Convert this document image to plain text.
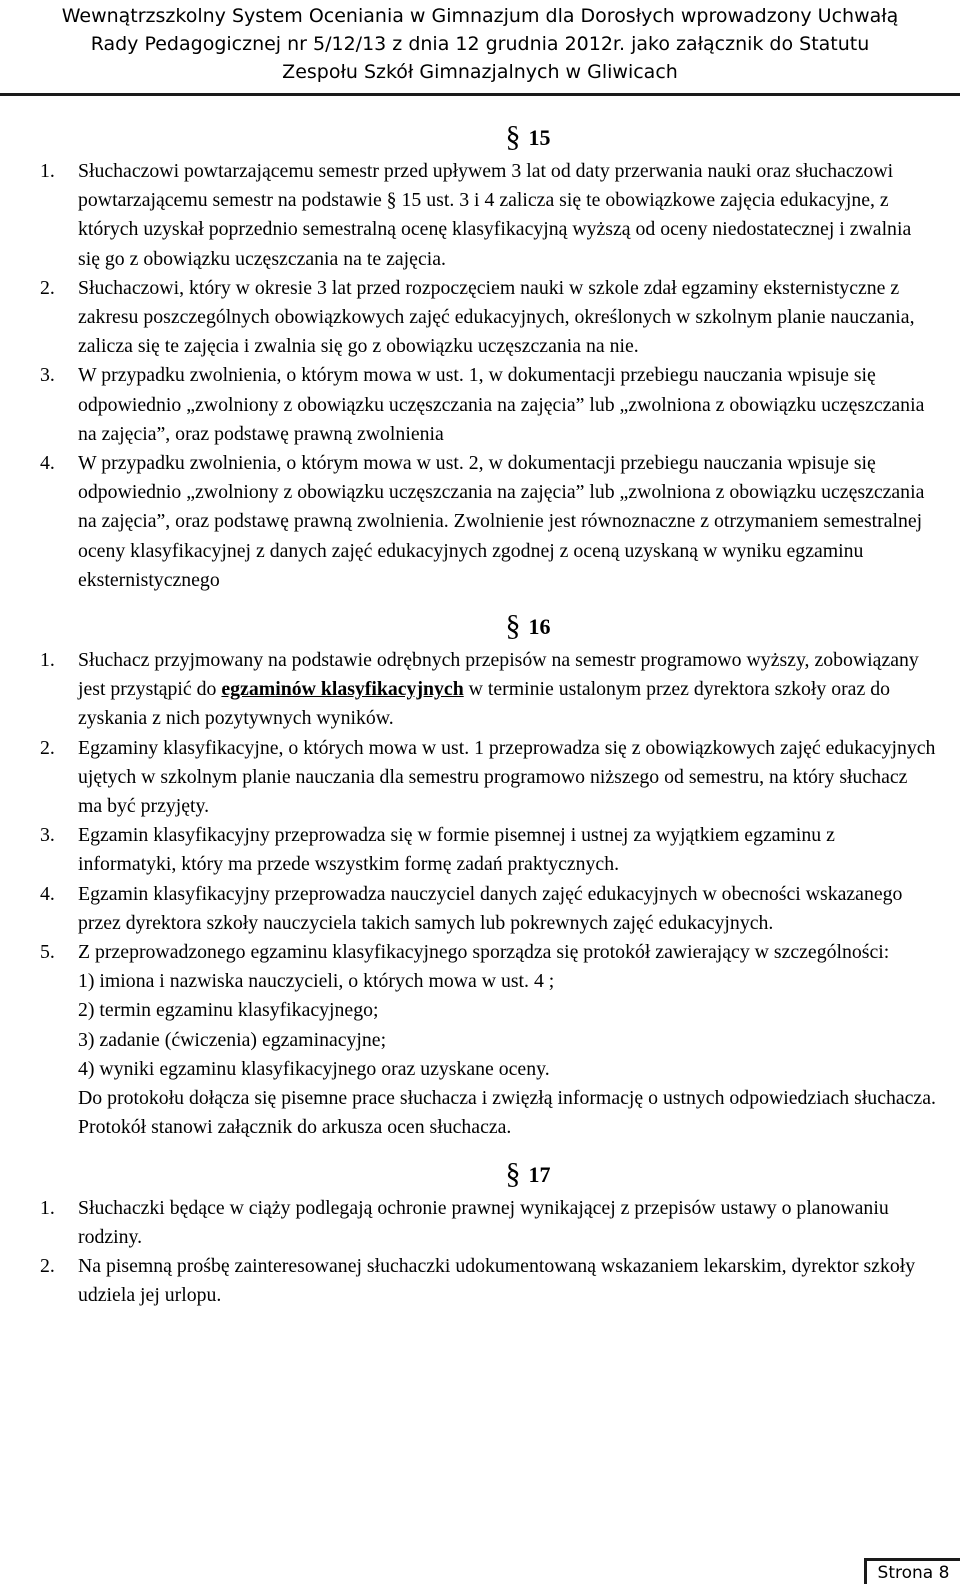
Wewnątrzszkolny System Oceniania w Gimnazjum dla Dorosłych wprowadzony Uchwałą
Rady Pedagogicznej nr 5/12/13 z dnia 12 grudnia 2012r. jako załącznik do Statutu
Zespołu Szkół Gimnazjalnych w Gliwicach
§ 15
1. Słuchaczowi powtarzającemu semestr przed upływem 3 lat od daty przerwania nauki oraz słuchaczowi powtarzającemu semestr na podstawie § 15 ust. 3 i 4 zalicza się te obowiązkowe zajęcia edukacyjne, z których uzyskał poprzednio semestralną ocenę klasyfikacyjną wyższą od oceny niedostatecznej i zwalnia się go z obowiązku uczęszczania na te zajęcia.

2. Słuchaczowi, który w okresie 3 lat przed rozpoczęciem nauki w szkole zdał egzaminy eksternistyczne z zakresu poszczególnych obowiązkowych zajęć edukacyjnych, określonych w szkolnym planie nauczania, zalicza się te zajęcia i zwalnia się go z obowiązku uczęszczania na nie.

3. W przypadku zwolnienia, o którym mowa w ust. 1, w dokumentacji przebiegu nauczania wpisuje się odpowiednio „zwolniony z obowiązku uczęszczania na zajęcia” lub „zwolniona z obowiązku uczęszczania na zajęcia”, oraz podstawę prawną zwolnienia

4. W przypadku zwolnienia, o którym mowa w ust. 2, w dokumentacji przebiegu nauczania wpisuje się odpowiednio „zwolniony z obowiązku uczęszczania na zajęcia” lub „zwolniona z obowiązku uczęszczania na zajęcia”, oraz podstawę prawną zwolnienia. Zwolnienie jest równoznaczne z otrzymaniem semestralnej oceny klasyfikacyjnej z danych zajęć edukacyjnych zgodnej z oceną uzyskaną w wyniku egzaminu eksternistycznego

§ 16
1. Słuchacz przyjmowany na podstawie odrębnych przepisów na semestr programowo wyższy, zobowiązany jest przystąpić do egzaminów klasyfikacyjnych w terminie ustalonym przez dyrektora szkoły oraz do zyskania z nich pozytywnych wyników.

2. Egzaminy klasyfikacyjne, o których mowa w ust. 1 przeprowadza się z obowiązkowych zajęć edukacyjnych ujętych w szkolnym planie nauczania dla semestru programowo niższego od semestru, na który słuchacz ma być przyjęty.

3. Egzamin klasyfikacyjny przeprowadza się w formie pisemnej i ustnej za wyjątkiem egzaminu z informatyki, który ma przede wszystkim formę zadań praktycznych.

4. Egzamin klasyfikacyjny przeprowadza nauczyciel danych zajęć edukacyjnych w obecności wskazanego przez dyrektora szkoły nauczyciela takich samych lub pokrewnych zajęć edukacyjnych.

5. Z przeprowadzonego egzaminu klasyfikacyjnego sporządza się protokół zawierający w szczególności:

1) imiona i nazwiska nauczycieli, o których mowa w ust. 4 ;

2) termin egzaminu klasyfikacyjnego;

3) zadanie (ćwiczenia) egzaminacyjne;

4) wyniki egzaminu klasyfikacyjnego oraz uzyskane oceny.

Do protokołu dołącza się pisemne prace słuchacza i zwięzłą informację o ustnych odpowiedziach słuchacza. Protokół stanowi załącznik do arkusza ocen słuchacza.

§ 17
1. Słuchaczki będące w ciąży podlegają ochronie prawnej wynikającej z przepisów ustawy o planowaniu rodziny.

2. Na pisemną prośbę zainteresowanej słuchaczki udokumentowaną wskazaniem lekarskim, dyrektor szkoły udziela jej urlopu.

Strona 8
